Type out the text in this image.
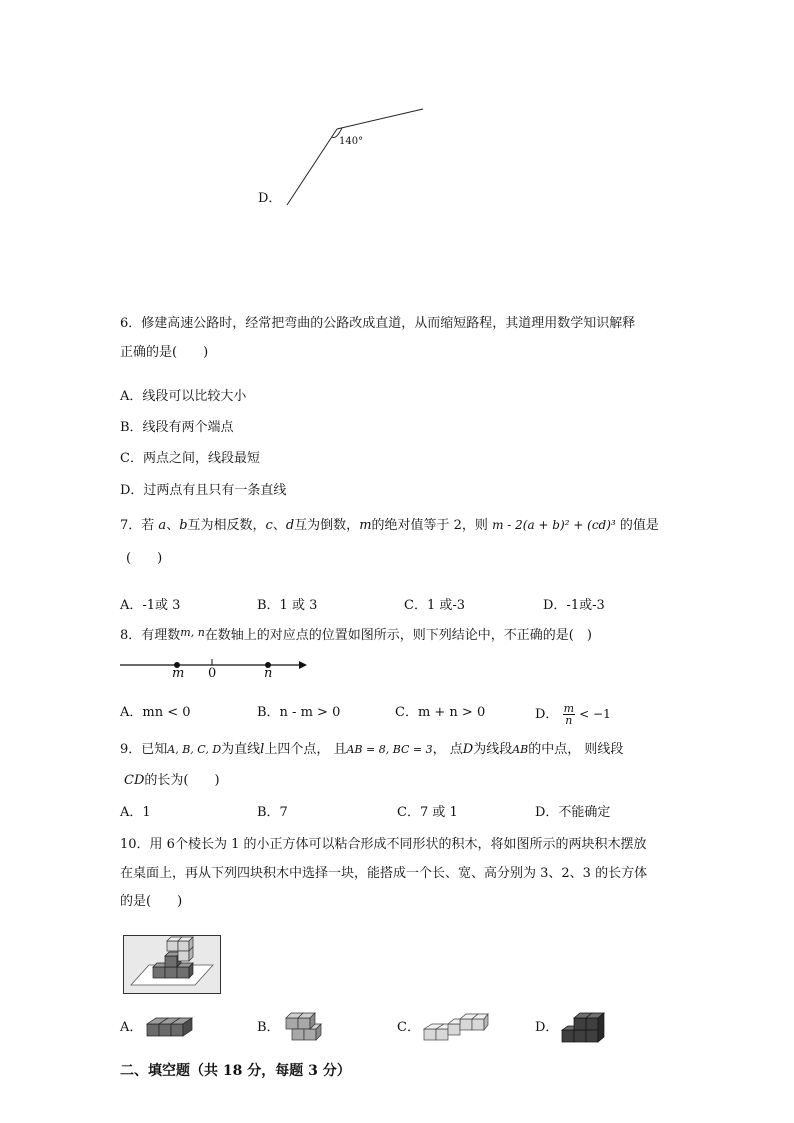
D．
140°
6．修建高速公路时，经常把弯曲的公路改成直道，从而缩短路程，其道理用数学知识解释
正确的是(　　)
A．线段可以比较大小
B．线段有两个端点
C．两点之间，线段最短
D．过两点有且只有一条直线
7．若 a、b互为相反数，c、d互为倒数，m的绝对值等于 2，则 m - 2(a + b)² + (cd)³ 的值是
(　　)
A．-1或 3	B．1 或 3	C．1 或-3	D．-1或-3
8．有理数$^{m, n}$在数轴上的对应点的位置如图所示，则下列结论中，不正确的是(　)
m 0	n
A．mn < 0	B．n - m > 0	C．m + n > 0	D． $\frac{m}{n} < -1$
9．已知A, B, C, D为直线l上四个点， 且AB = 8, BC = 3， 点D为线段AB的中点， 则线段
CD的长为(　　)
A．1	B．7	C．7 或 1	D．不能确定
10．用 6个棱长为 1 的小正方体可以粘合形成不同形状的积木，将如图所示的两块积木摆放
在桌面上，再从下列四块积木中选择一块，能搭成一个长、宽、高分别为 3、2、3 的长方体
的是(　　)
A．	B．	C．	D．
二、填空题（共 18 分，每题 3 分）
